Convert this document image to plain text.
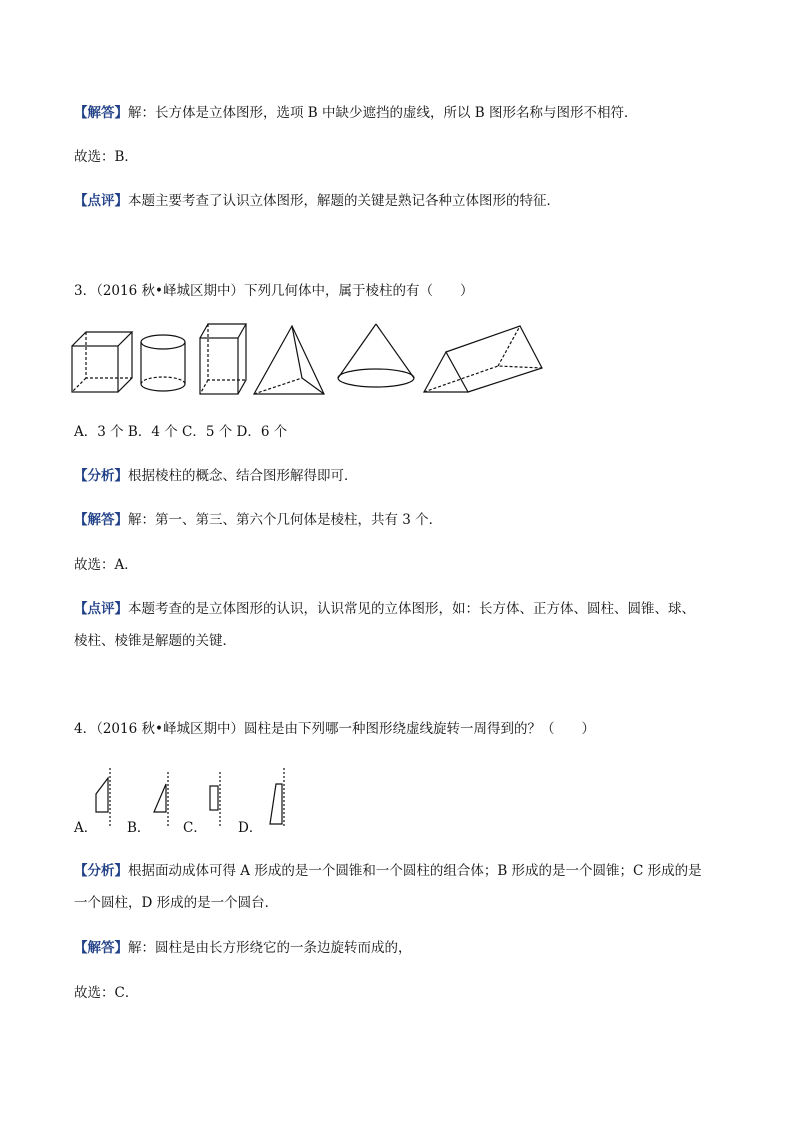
【解答】解：长方体是立体图形，选项 B 中缺少遮挡的虚线，所以 B 图形名称与图形不相符．
故选：B．
【点评】本题主要考查了认识立体图形，解题的关键是熟记各种立体图形的特征．
3．（2016 秋•峄城区期中）下列几何体中，属于棱柱的有（　　）
A．3 个 B．4 个 C．5 个 D．6 个
【分析】根据棱柱的概念、结合图形解得即可．
【解答】解：第一、第三、第六个几何体是棱柱，共有 3 个．
故选：A．
【点评】本题考查的是立体图形的认识，认识常见的立体图形，如：长方体、正方体、圆柱、圆锥、球、
棱柱、棱锥是解题的关键．
4．（2016 秋•峄城区期中）圆柱是由下列哪一种图形绕虚线旋转一周得到的？（　　）
A． B． C． D．
【分析】根据面动成体可得 A 形成的是一个圆锥和一个圆柱的组合体；B 形成的是一个圆锥；C 形成的是
一个圆柱，D 形成的是一个圆台．
【解答】解：圆柱是由长方形绕它的一条边旋转而成的，
故选：C．
